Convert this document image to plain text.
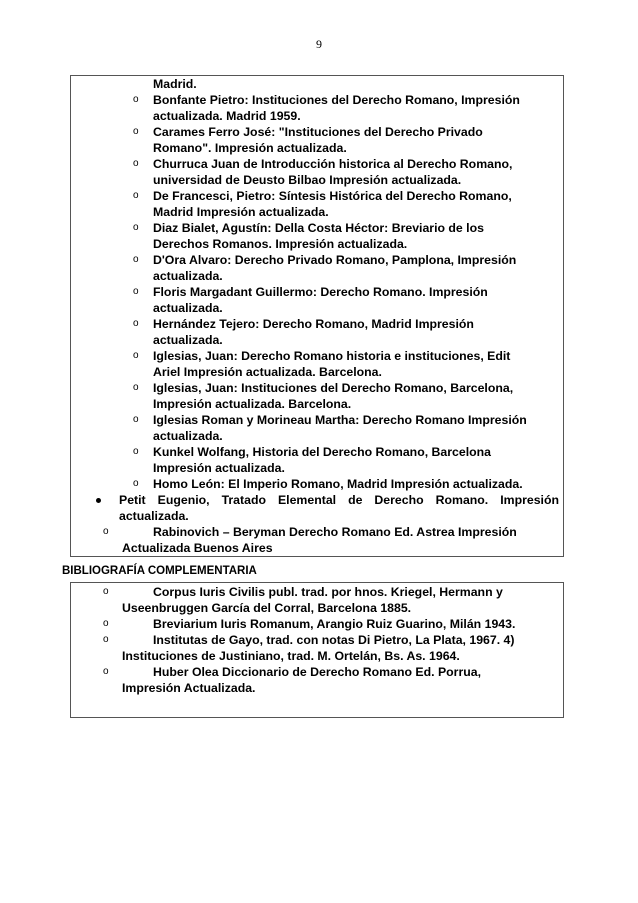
9
Madrid.
o Bonfante Pietro: Instituciones del Derecho Romano, Impresión
actualizada. Madrid 1959.
o Carames Ferro José: "Instituciones del Derecho Privado
Romano". Impresión actualizada.
o Churruca Juan de Introducción historica al Derecho Romano,
universidad de Deusto Bilbao Impresión actualizada.
o De Francesci, Pietro: Síntesis Histórica del Derecho Romano,
Madrid Impresión actualizada.
o Diaz Bialet, Agustín: Della Costa Héctor: Breviario de los
Derechos Romanos. Impresión actualizada.
o D'Ora Alvaro: Derecho Privado Romano, Pamplona, Impresión
actualizada.
o Floris Margadant Guillermo: Derecho Romano. Impresión
actualizada.
o Hernández Tejero: Derecho Romano, Madrid Impresión
actualizada.
o Iglesias, Juan: Derecho Romano historia e instituciones, Edit
Ariel Impresión actualizada. Barcelona.
o Iglesias, Juan: Instituciones del Derecho Romano, Barcelona,
Impresión actualizada. Barcelona.
o Iglesias Roman y Morineau Martha: Derecho Romano Impresión
actualizada.
o Kunkel Wolfang, Historia del Derecho Romano, Barcelona
Impresión actualizada.
o Homo León: El Imperio Romano, Madrid Impresión actualizada.
Petit Eugenio, Tratado Elemental de Derecho Romano. Impresión
actualizada.
o	Rabinovich – Beryman Derecho Romano Ed. Astrea Impresión
Actualizada Buenos Aires
BIBLIOGRAFÍA COMPLEMENTARIA
o	Corpus Iuris Civilis publ. trad. por hnos. Kriegel, Hermann y
Useenbruggen García del Corral, Barcelona 1885.
o	Breviarium Iuris Romanum, Arangio Ruiz Guarino, Milán 1943.
o	Institutas de Gayo, trad. con notas Di Pietro, La Plata, 1967. 4)
Instituciones de Justiniano, trad. M. Ortelán, Bs. As. 1964.
o	Huber Olea Diccionario de Derecho Romano Ed. Porrua,
Impresión Actualizada.
